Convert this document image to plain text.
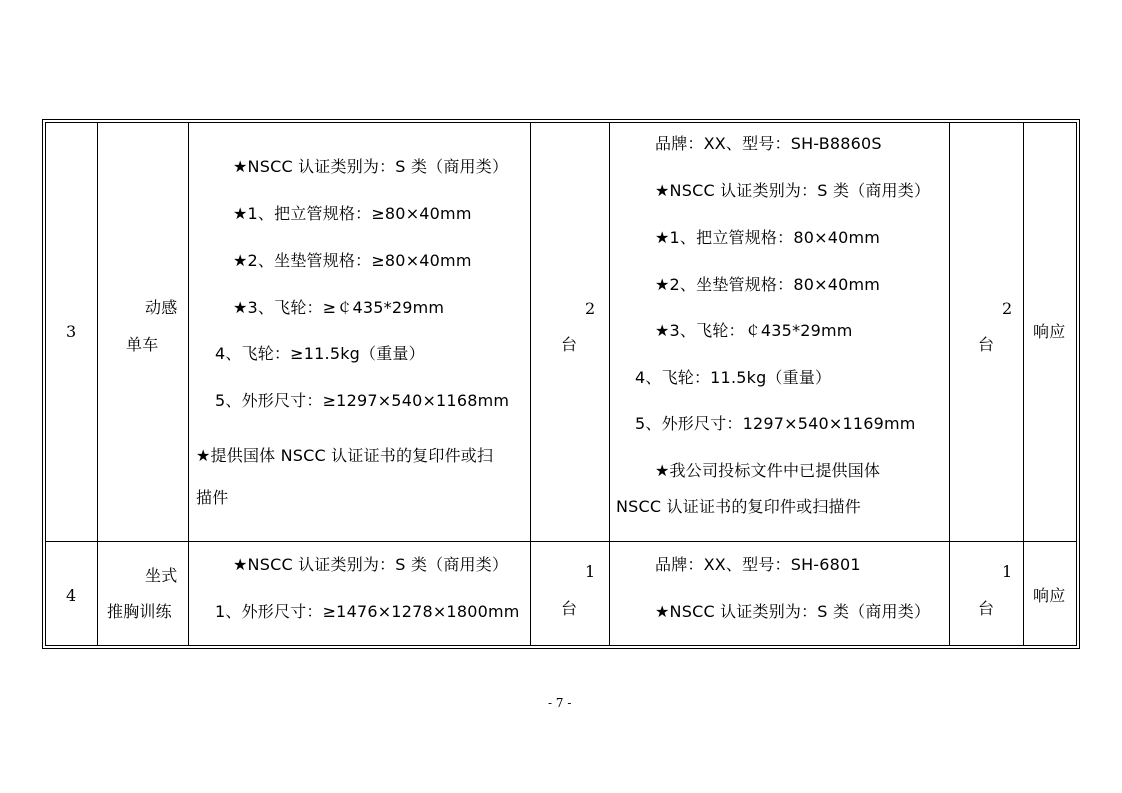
3
动感
单车
★NSCC 认证类别为：S 类（商用类）
★1、把立管规格：≥80×40mm
★2、坐垫管规格：≥80×40mm
★3、飞轮：≥￠435*29mm
4、飞轮：≥11.5kg（重量）
5、外形尺寸：≥1297×540×1168mm
★提供国体 NSCC 认证证书的复印件或扫
描件
2
台
品牌：XX、型号：SH-B8860S
★NSCC 认证类别为：S 类（商用类）
★1、把立管规格：80×40mm
★2、坐垫管规格：80×40mm
★3、飞轮：￠435*29mm
4、飞轮：11.5kg（重量）
5、外形尺寸：1297×540×1169mm
★我公司投标文件中已提供国体
NSCC 认证证书的复印件或扫描件
2
台
响应
4
坐式
推胸训练
★NSCC 认证类别为：S 类（商用类）
1、外形尺寸：≥1476×1278×1800mm
1
台
品牌：XX、型号：SH-6801
★NSCC 认证类别为：S 类（商用类）
1
台
响应
- 7 -
